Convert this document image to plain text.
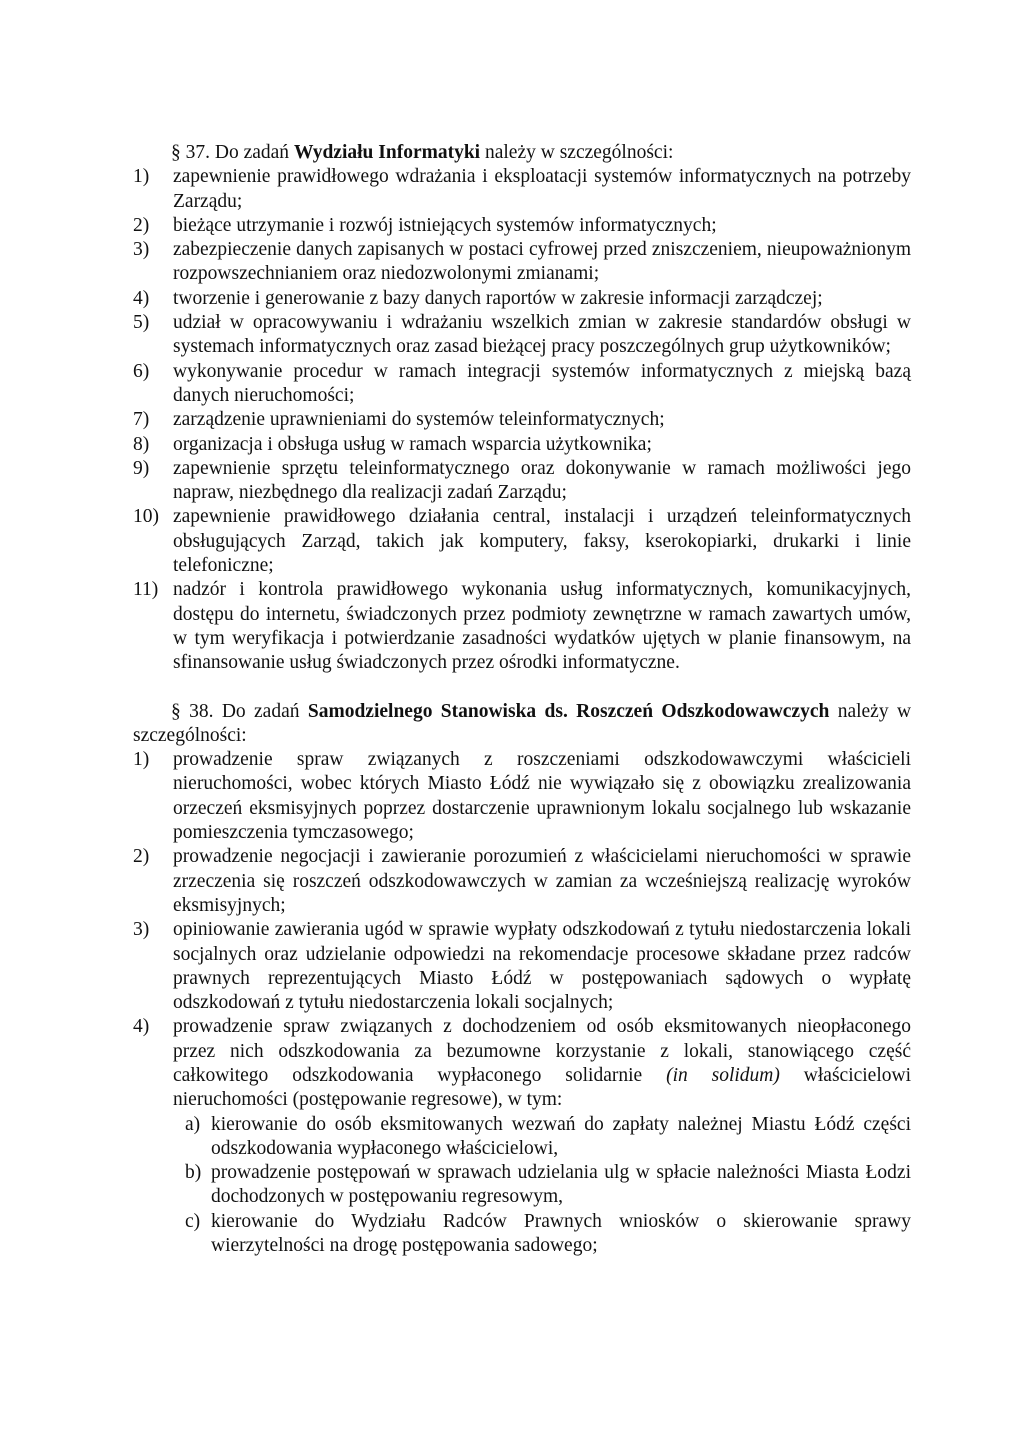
§ 37. Do zadań Wydziału Informatyki należy w szczególności:
1)	zapewnienie prawidłowego wdrażania i eksploatacji systemów informatycznych na potrzeby Zarządu;
2)	bieżące utrzymanie i rozwój istniejących systemów informatycznych;
3)	zabezpieczenie danych zapisanych w postaci cyfrowej przed zniszczeniem, nieupoważnionym rozpowszechnianiem oraz niedozwolonymi zmianami;
4)	tworzenie i generowanie z bazy danych raportów w zakresie informacji zarządczej;
5)	udział w opracowywaniu i wdrażaniu wszelkich zmian w zakresie standardów obsługi w systemach informatycznych oraz zasad bieżącej pracy poszczególnych grup użytkowników;
6)	wykonywanie procedur w ramach integracji systemów informatycznych z miejską bazą danych nieruchomości;
7)	zarządzenie uprawnieniami do systemów teleinformatycznych;
8)	organizacja i obsługa usług w ramach wsparcia użytkownika;
9)	zapewnienie sprzętu teleinformatycznego oraz dokonywanie w ramach możliwości jego napraw, niezbędnego dla realizacji zadań Zarządu;
10) zapewnienie prawidłowego działania central, instalacji i urządzeń teleinformatycznych obsługujących Zarząd, takich jak komputery, faksy, kserokopiarki, drukarki i linie telefoniczne;
11) nadzór i kontrola prawidłowego wykonania usług informatycznych, komunikacyjnych, dostępu do internetu, świadczonych przez podmioty zewnętrzne w ramach zawartych umów, w tym weryfikacja i potwierdzanie zasadności wydatków ujętych w planie finansowym, na sfinansowanie usług świadczonych przez ośrodki informatyczne.
§ 38. Do zadań Samodzielnego Stanowiska ds. Roszczeń Odszkodowawczych należy w szczególności:
1)	prowadzenie spraw związanych z roszczeniami odszkodowawczymi właścicieli nieruchomości, wobec których Miasto Łódź nie wywiązało się z obowiązku zrealizowania orzeczeń eksmisyjnych poprzez dostarczenie uprawnionym lokalu socjalnego lub wskazanie pomieszczenia tymczasowego;
2)	prowadzenie negocjacji i zawieranie porozumień z właścicielami nieruchomości w sprawie zrzeczenia się roszczeń odszkodowawczych w zamian za wcześniejszą realizację wyroków eksmisyjnych;
3)	opiniowanie zawierania ugód w sprawie wypłaty odszkodowań z tytułu niedostarczenia lokali socjalnych oraz udzielanie odpowiedzi na rekomendacje procesowe składane przez radców prawnych reprezentujących Miasto Łódź w postępowaniach sądowych o wypłatę odszkodowań z tytułu niedostarczenia lokali socjalnych;
4)	prowadzenie spraw związanych z dochodzeniem od osób eksmitowanych nieopłaconego przez nich odszkodowania za bezumowne korzystanie z lokali, stanowiącego część całkowitego odszkodowania wypłaconego solidarnie (in solidum) właścicielowi nieruchomości (postępowanie regresowe), w tym:
a) kierowanie do osób eksmitowanych wezwań do zapłaty należnej Miastu Łódź części odszkodowania wypłaconego właścicielowi,
b) prowadzenie postępowań w sprawach udzielania ulg w spłacie należności Miasta Łodzi dochodzonych w postępowaniu regresowym,
c) kierowanie do Wydziału Radców Prawnych wniosków o skierowanie sprawy wierzytelności na drogę postępowania sadowego;
